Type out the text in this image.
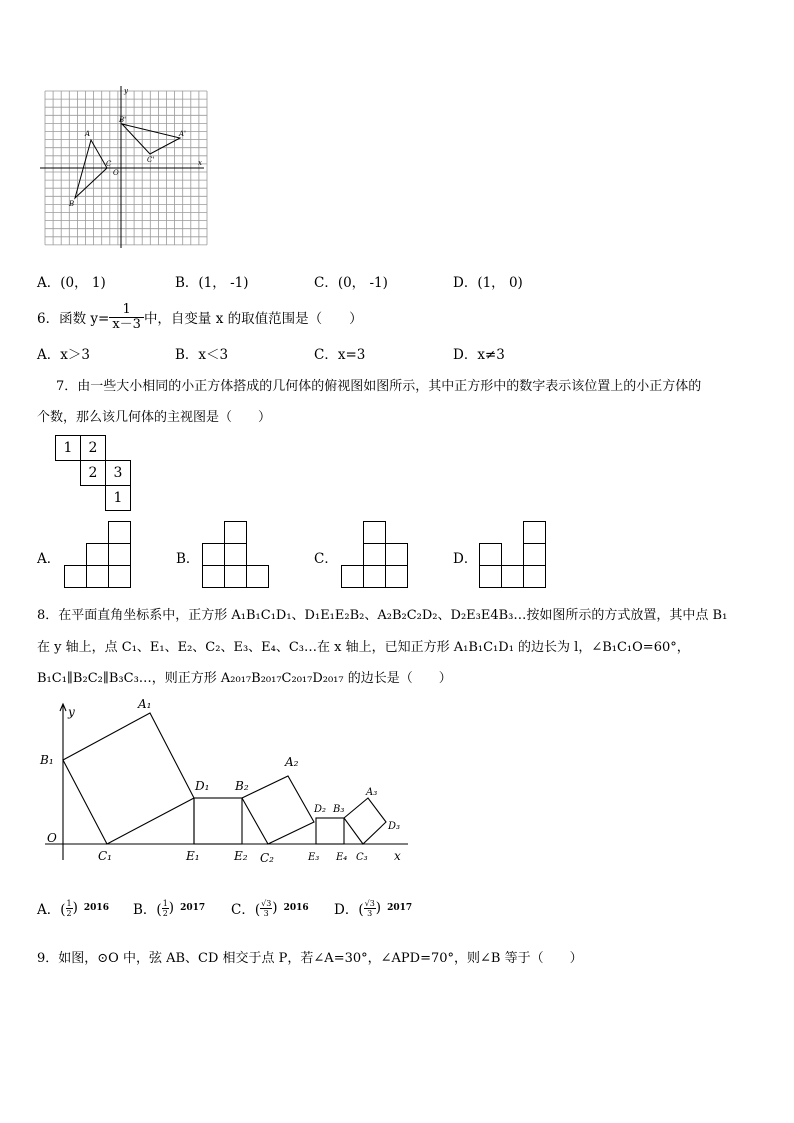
y
x
O
A
B
C
A'
B'
C'
A．(0， 1)	B．(1， -1)	C．(0， -1)	D．(1， 0)
6．函数 $y= \frac{1}{x-3}$ 中，自变量 x 的取值范围是（　　）
A．x＞3	B．x＜3	C．x=3	D．x≠3
7．由一些大小相同的小正方体搭成的几何体的俯视图如图所示，其中正方形中的数字表示该位置上的小正方体的
个数，那么该几何体的主视图是（　　）
1	2
2	3
1
A．	B．	C．	D．
8．在平面直角坐标系中，正方形 A₁B₁C₁D₁、D₁E₁E₂B₂、A₂B₂C₂D₂、D₂E₃E4B₃…按如图所示的方式放置，其中点 B₁
在 y 轴上，点 C₁、E₁、E₂、C₂、E₃、E₄、C₃…在 x 轴上，已知正方形 A₁B₁C₁D₁ 的边长为 l，∠B₁C₁O=60°，
B₁C₁∥B₂C₂∥B₃C₃…，则正方形 A₂₀₁₇B₂₀₁₇C₂₀₁₇D₂₀₁₇ 的边长是（　　）
y
x
O
A₁
B₁
C₁
D₁
E₁	E₂
B₂
A₂
C₂
D₂ B₃
E₃ E₄
A₃
C₃
D₃
A．( $\frac{1}{2}$ ) 2016 B．( $\frac{1}{2}$ ) 2017 C．( $\frac{√3}{3}$ ) 2016 D．( $\frac{√3}{3}$ ) 2017
9．如图，⊙O 中，弦 AB、CD 相交于点 P，若∠A=30°，∠APD=70°，则∠B 等于（　　）
